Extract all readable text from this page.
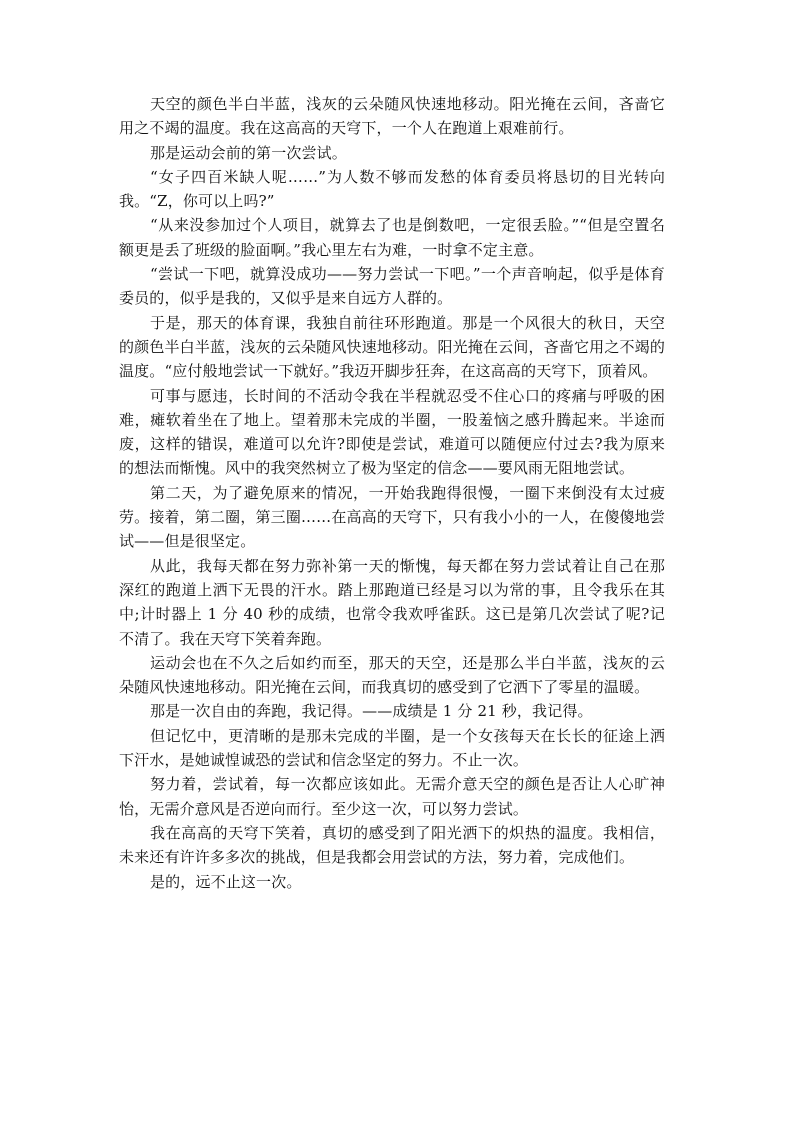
天空的颜色半白半蓝，浅灰的云朵随风快速地移动。阳光掩在云间，吝啬它用之不竭的温度。我在这高高的天穹下，一个人在跑道上艰难前行。

那是运动会前的第一次尝试。

“女子四百米缺人呢……”为人数不够而发愁的体育委员将恳切的目光转向我。“Z，你可以上吗?”

“从来没参加过个人项目，就算去了也是倒数吧，一定很丢脸。”“但是空置名额更是丢了班级的脸面啊。”我心里左右为难，一时拿不定主意。

“尝试一下吧，就算没成功——努力尝试一下吧。”一个声音响起，似乎是体育委员的，似乎是我的，又似乎是来自远方人群的。

于是，那天的体育课，我独自前往环形跑道。那是一个风很大的秋日，天空的颜色半白半蓝，浅灰的云朵随风快速地移动。阳光掩在云间，吝啬它用之不竭的温度。“应付般地尝试一下就好。”我迈开脚步狂奔，在这高高的天穹下，顶着风。

可事与愿违，长时间的不活动令我在半程就忍受不住心口的疼痛与呼吸的困难，瘫软着坐在了地上。望着那未完成的半圈，一股羞恼之感升腾起来。半途而废，这样的错误，难道可以允许?即使是尝试，难道可以随便应付过去?我为原来的想法而惭愧。风中的我突然树立了极为坚定的信念——要风雨无阻地尝试。

第二天，为了避免原来的情况，一开始我跑得很慢，一圈下来倒没有太过疲劳。接着，第二圈，第三圈……在高高的天穹下，只有我小小的一人，在傻傻地尝试——但是很坚定。

从此，我每天都在努力弥补第一天的惭愧，每天都在努力尝试着让自己在那深红的跑道上洒下无畏的汗水。踏上那跑道已经是习以为常的事，且令我乐在其中;计时器上 1 分 40 秒的成绩，也常令我欢呼雀跃。这已是第几次尝试了呢?记不清了。我在天穹下笑着奔跑。

运动会也在不久之后如约而至，那天的天空，还是那么半白半蓝，浅灰的云朵随风快速地移动。阳光掩在云间，而我真切的感受到了它洒下了零星的温暖。

那是一次自由的奔跑，我记得。——成绩是 1 分 21 秒，我记得。

但记忆中，更清晰的是那未完成的半圈，是一个女孩每天在长长的征途上洒下汗水，是她诚惶诚恐的尝试和信念坚定的努力。不止一次。

努力着，尝试着，每一次都应该如此。无需介意天空的颜色是否让人心旷神怡，无需介意风是否逆向而行。至少这一次，可以努力尝试。

我在高高的天穹下笑着，真切的感受到了阳光洒下的炽热的温度。我相信，未来还有许许多多次的挑战，但是我都会用尝试的方法，努力着，完成他们。

是的，远不止这一次。
